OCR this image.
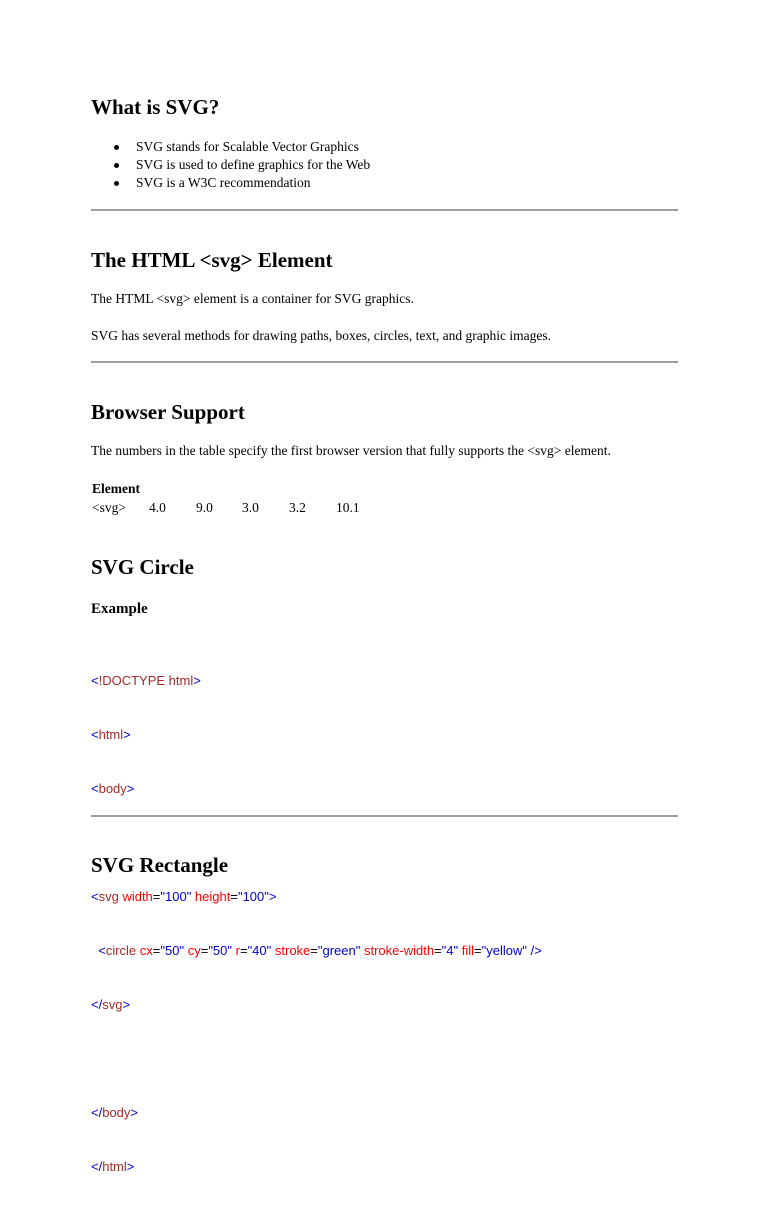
What is SVG?
SVG stands for Scalable Vector Graphics
SVG is used to define graphics for the Web
SVG is a W3C recommendation
The HTML <svg> Element

The HTML <svg> element is a container for SVG graphics.

SVG has several methods for drawing paths, boxes, circles, text, and graphic images.

Browser Support

The numbers in the table specify the first browser version that fully supports the <svg> element.

Element
<svg> 4.0 9.0 3.0 3.2 10.1
SVG Circle
Example

<!DOCTYPE html>

<html>

<body>

<svg width="100" height="100">

<circle cx="50" cy="50" r="40" stroke="green" stroke-width="4" fill="yellow" />

</svg>

</body>

</html>

SVG Rectangle
